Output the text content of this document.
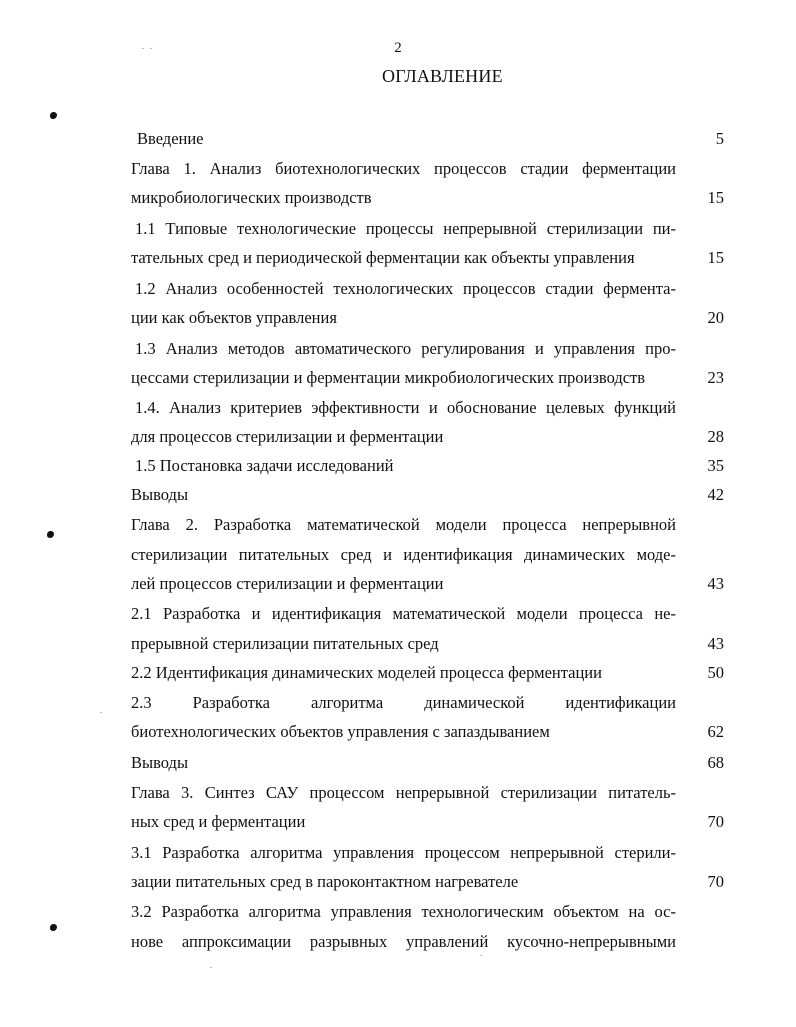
2
ОГЛАВЛЕНИЕ
Введение
Глава 1. Анализ биотехнологических процессов стадии ферментации
микробиологических производств
1.1 Типовые технологические процессы непрерывной стерилизации пи-
тательных сред и периодической ферментации как объекты управления
1.2 Анализ особенностей технологических процессов стадии фермента-
ции как объектов управления
1.3 Анализ методов автоматического регулирования и управления про-
цессами стерилизации и ферментации микробиологических производств
1.4. Анализ критериев эффективности и обоснование целевых функций
для процессов стерилизации и ферментации
1.5 Постановка задачи исследований
Выводы
Глава 2. Разработка математической модели процесса непрерывной
стерилизации питательных сред и идентификация динамических моде-
лей процессов стерилизации и ферментации
2.1 Разработка и идентификация математической модели процесса не-
прерывной стерилизации питательных сред
2.2 Идентификация динамических моделей процесса ферментации
2.3 Разработка алгоритма динамической идентификации
биотехнологических объектов управления с запаздыванием
Выводы
Глава 3. Синтез САУ процессом непрерывной стерилизации питатель-
ных сред и ферментации
3.1 Разработка алгоритма управления процессом непрерывной стерили-
зации питательных сред в пароконтактном нагревателе
3.2 Разработка алгоритма управления технологическим объектом на ос-
нове аппроксимации разрывных управлений кусочно-непрерывными
5
15
15
20
23
28
35
42
43
43
50
62
68
70
70
